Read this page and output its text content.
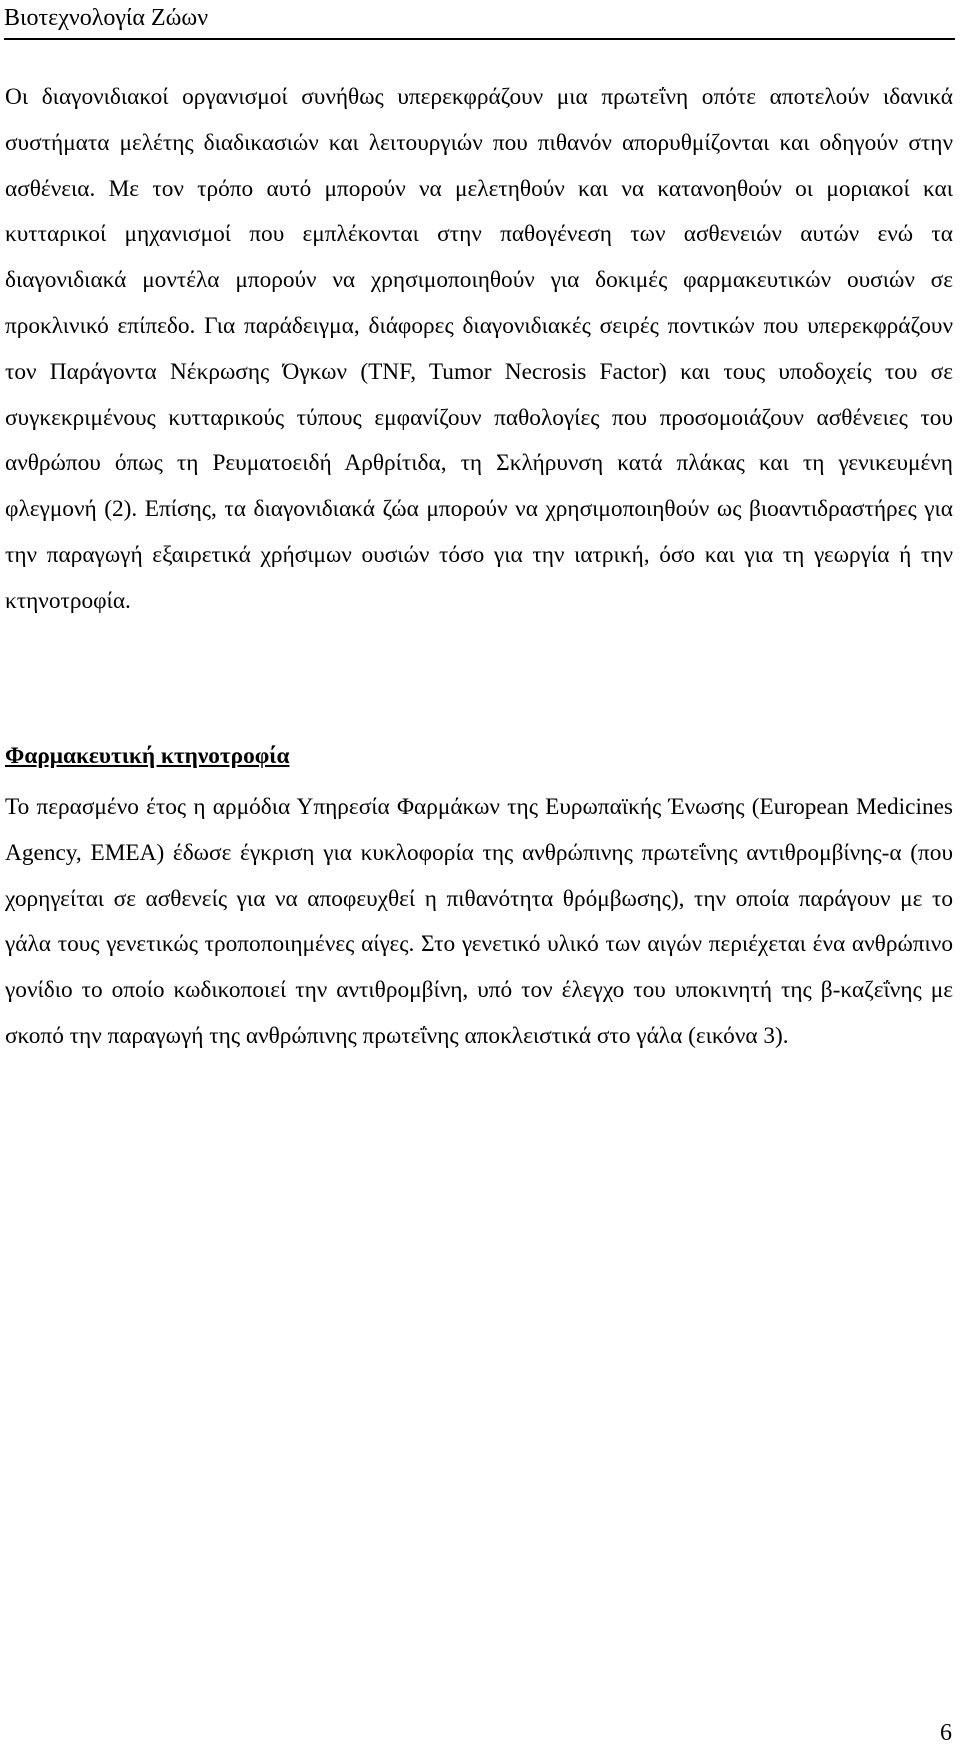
Βιοτεχνολογία Ζώων

Οι διαγονιδιακοί οργανισμοί συνήθως υπερεκφράζουν μια πρωτεΐνη οπότε αποτελούν ιδανικά συστήματα μελέτης διαδικασιών και λειτουργιών που πιθανόν απορυθμίζονται και οδηγούν στην ασθένεια. Με τον τρόπο αυτό μπορούν να μελετηθούν και να κατανοηθούν οι μοριακοί και κυτταρικοί μηχανισμοί που εμπλέκονται στην παθογένεση των ασθενειών αυτών ενώ τα διαγονιδιακά μοντέλα μπορούν να χρησιμοποιηθούν για δοκιμές φαρμακευτικών ουσιών σε προκλινικό επίπεδο. Για παράδειγμα, διάφορες διαγονιδιακές σειρές ποντικών που υπερεκφράζουν τον Παράγοντα Νέκρωσης Όγκων (TNF, Tumor Necrosis Factor) και τους υποδοχείς του σε συγκεκριμένους κυτταρικούς τύπους εμφανίζουν παθολογίες που προσομοιάζουν ασθένειες του ανθρώπου όπως τη Ρευματοειδή Αρθρίτιδα, τη Σκλήρυνση κατά πλάκας και τη γενικευμένη φλεγμονή (2). Επίσης, τα διαγονιδιακά ζώα μπορούν να χρησιμοποιηθούν ως βιοαντιδραστήρες για την παραγωγή εξαιρετικά χρήσιμων ουσιών τόσο για την ιατρική, όσο και για τη γεωργία ή την κτηνοτροφία.

Φαρμακευτική κτηνοτροφία

Το περασμένο έτος η αρμόδια Υπηρεσία Φαρμάκων της Ευρωπαϊκής Ένωσης (European Medicines Agency, EMEA) έδωσε έγκριση για κυκλοφορία της ανθρώπινης πρωτεΐνης αντιθρομβίνης-α (που χορηγείται σε ασθενείς για να αποφευχθεί η πιθανότητα θρόμβωσης), την οποία παράγουν με το γάλα τους γενετικώς τροποποιημένες αίγες. Στο γενετικό υλικό των αιγών περιέχεται ένα ανθρώπινο γονίδιο το οποίο κωδικοποιεί την αντιθρομβίνη, υπό τον έλεγχο του υποκινητή της β-καζεΐνης με σκοπό την παραγωγή της ανθρώπινης πρωτεΐνης αποκλειστικά στο γάλα (εικόνα 3).

6
